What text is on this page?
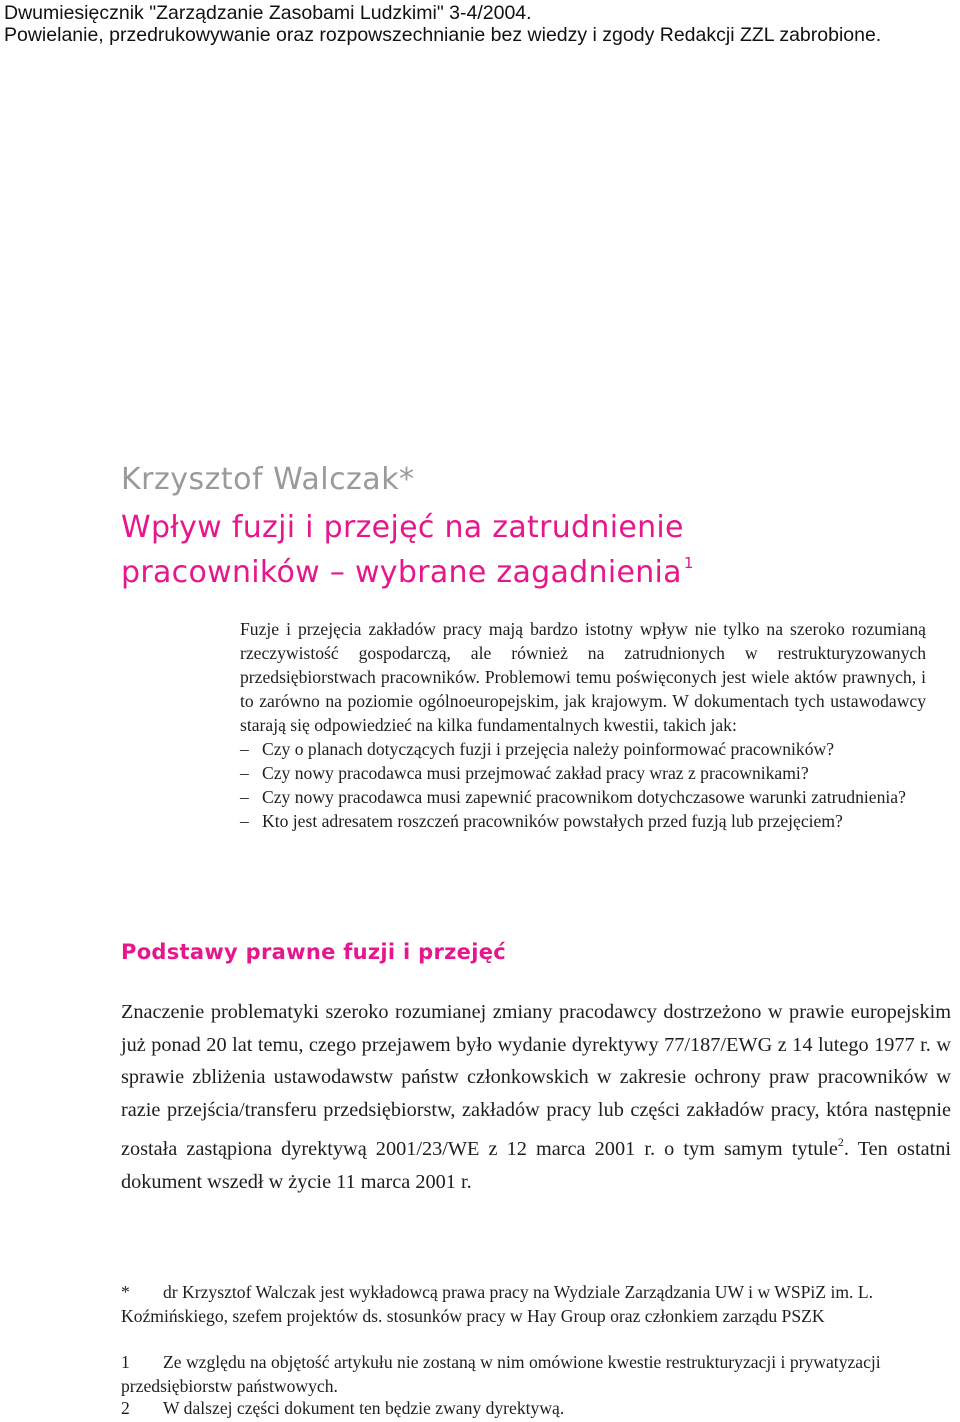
Dwumiesięcznik "Zarządzanie Zasobami Ludzkimi" 3-4/2004.
Powielanie, przedrukowywanie oraz rozpowszechnianie bez wiedzy i zgody Redakcji ZZL zabrobione.
Krzysztof Walczak*
Wpływ fuzji i przejęć na zatrudnienie
pracowników – wybrane zagadnienia $^1$

Fuzje i przejęcia zakładów pracy mają bardzo istotny wpływ nie tylko na szeroko rozumianą rzeczywistość gospodarczą, ale również na zatrudnionych w restrukturyzowanych przedsiębiorstwach pracowników. Problemowi temu poświęconych jest wiele aktów prawnych, i to zarówno na poziomie ogólnoeuropejskim, jak krajowym. W dokumentach tych ustawodawcy starają się odpowiedzieć na kilka fundamentalnych kwestii, takich jak:

– Czy o planach dotyczących fuzji i przejęcia należy poinformować pracowników?
– Czy nowy pracodawca musi przejmować zakład pracy wraz z pracownikami?
– Czy nowy pracodawca musi zapewnić pracownikom dotychczasowe warunki zatrudnienia?
– Kto jest adresatem roszczeń pracowników powstałych przed fuzją lub przejęciem?
Podstawy prawne fuzji i przejęć

Znaczenie problematyki szeroko rozumianej zmiany pracodawcy dostrzeżono w prawie europejskim już ponad 20 lat temu, czego przejawem było wydanie dyrektywy 77/187/EWG z 14 lutego 1977 r. w sprawie zbliżenia ustawodawstw państw członkowskich w zakresie ochrony praw pracowników w razie przejścia/transferu przedsiębiorstw, zakładów pracy lub części zakładów pracy, która następnie została zastąpiona dyrektywą 2001/23/WE z 12 marca 2001 r. o tym samym tytule$^2$. Ten ostatni dokument wszedł w życie 11 marca 2001 r.

* dr Krzysztof Walczak jest wykładowcą prawa pracy na Wydziale Zarządzania UW i w WSPiZ im. L. Koźmińskiego, szefem projektów ds. stosunków pracy w Hay Group oraz członkiem zarządu PSZK
1 Ze względu na objętość artykułu nie zostaną w nim omówione kwestie restrukturyzacji i prywatyzacji przedsiębiorstw państwowych.
2 W dalszej części dokument ten będzie zwany dyrektywą.
